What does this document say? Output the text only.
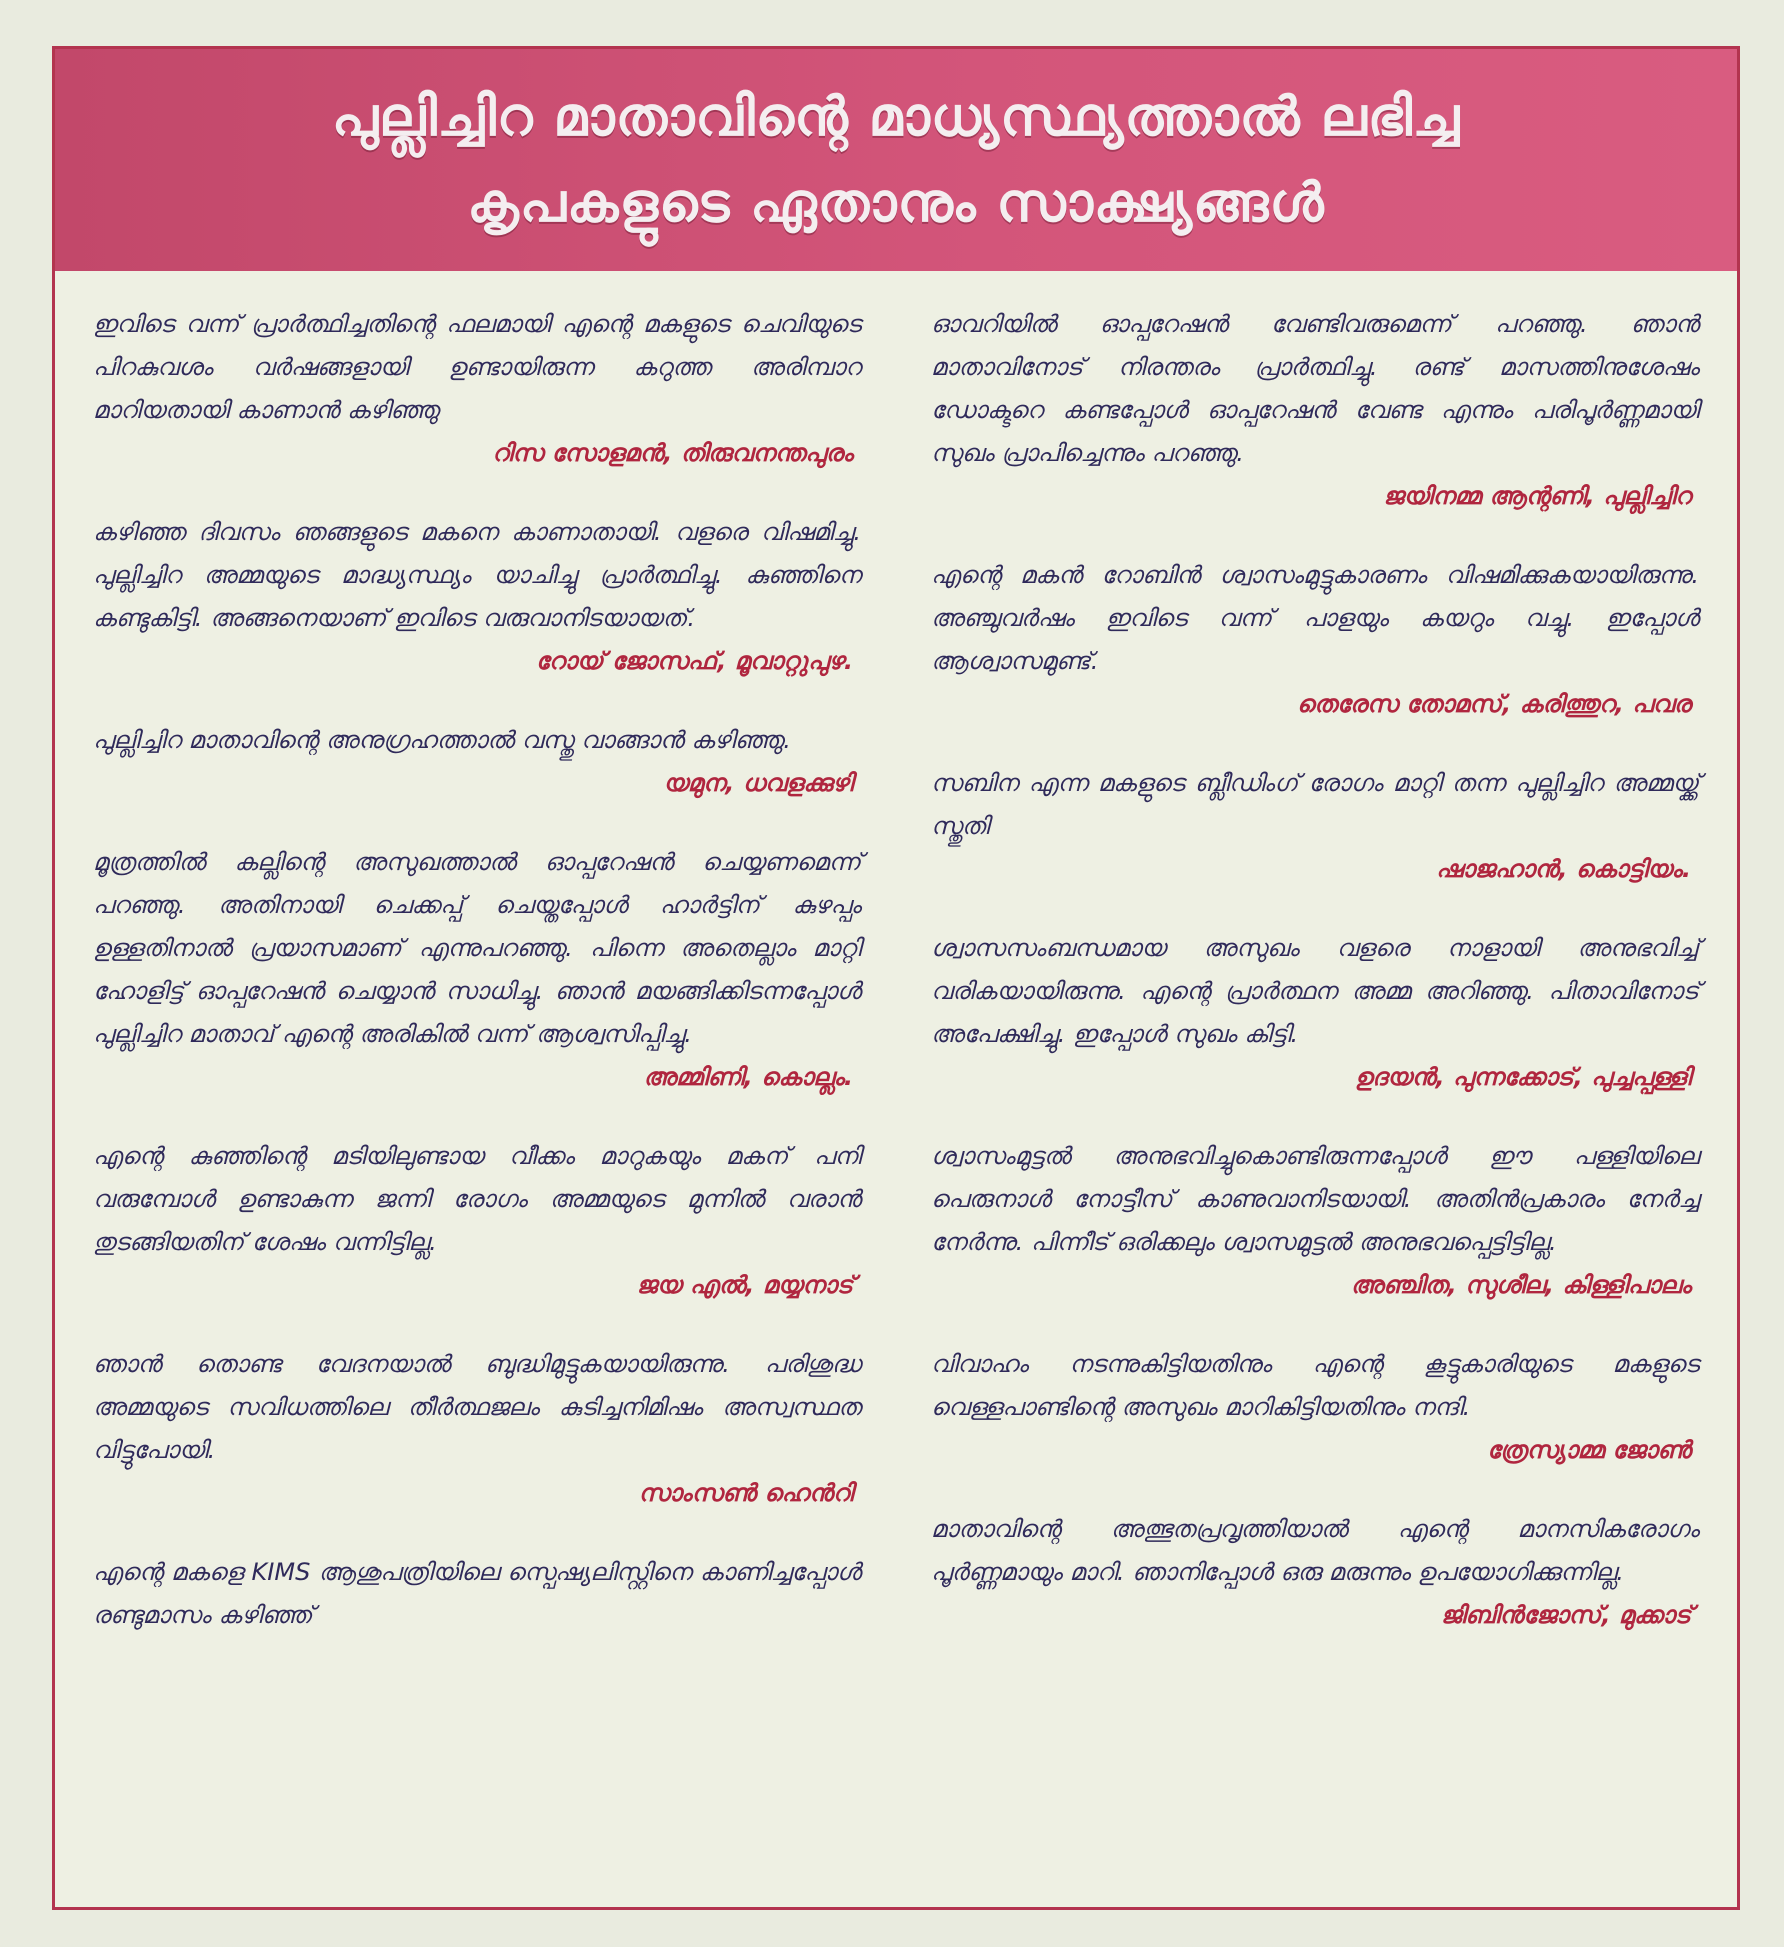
പുല്ലിച്ചിറ മാതാവിന്റെ മാധ്യസ്ഥ്യത്താൽ ലഭിച്ച
കൃപകളുടെ ഏതാനും സാക്ഷ്യങ്ങൾ
ഇവിടെ വന്ന് പ്രാർത്ഥിച്ചതിന്റെ ഫലമായി എന്റെ മകളുടെ ചെവിയുടെ പിറകുവശം വർഷങ്ങളായി ഉണ്ടായിരുന്ന കറുത്ത അരിമ്പാറ മാറിയതായി കാണാൻ കഴിഞ്ഞു
റിസ സോളമൻ, തിരുവനന്തപുരം
കഴിഞ്ഞ ദിവസം ഞങ്ങളുടെ മകനെ കാണാതായി. വളരെ വിഷമിച്ചു. പുല്ലിച്ചിറ അമ്മയുടെ മാദ്ധ്യസ്ഥ്യം യാചിച്ചു പ്രാർത്ഥിച്ചു. കുഞ്ഞിനെ കണ്ടുകിട്ടി. അങ്ങനെയാണ് ഇവിടെ വരുവാനിടയായത്.
റോയ് ജോസഫ്, മൂവാറ്റുപുഴ.
പുല്ലിച്ചിറ മാതാവിന്റെ അനുഗ്രഹത്താൽ വസ്തു വാങ്ങാൻ കഴിഞ്ഞു.
യമുന, ധവളക്കുഴി
മൂത്രത്തിൽ കല്ലിന്റെ അസുഖത്താൽ ഓപ്പറേഷൻ ചെയ്യണമെന്ന് പറഞ്ഞു. അതിനായി ചെക്കപ്പ് ചെയ്തപ്പോൾ ഹാർട്ടിന് കുഴപ്പം ഉള്ളതിനാൽ പ്രയാസമാണ് എന്നുപറഞ്ഞു. പിന്നെ അതെല്ലാം മാറ്റി ഹോളിട്ട് ഓപ്പറേഷൻ ചെയ്യാൻ സാധിച്ചു. ഞാൻ മയങ്ങിക്കിടന്നപ്പോൾ പുല്ലിച്ചിറ മാതാവ് എന്റെ അരികിൽ വന്ന് ആശ്വസിപ്പിച്ചു.
അമ്മിണി, കൊല്ലം.
എന്റെ കുഞ്ഞിന്റെ മടിയിലുണ്ടായ വീക്കം മാറുകയും മകന് പനി വരുമ്പോൾ ഉണ്ടാകുന്ന ജന്നി രോഗം അമ്മയുടെ മുന്നിൽ വരാൻ തുടങ്ങിയതിന് ശേഷം വന്നിട്ടില്ല.
ജയ എൽ, മയ്യനാട്
ഞാൻ തൊണ്ട വേദനയാൽ ബുദ്ധിമുട്ടുകയായിരുന്നു. പരിശുദ്ധ അമ്മയുടെ സവിധത്തിലെ തീർത്ഥജലം കുടിച്ചനിമിഷം അസ്വസ്ഥത വിട്ടുപോയി.
സാംസൺ ഹെൻറി
എന്റെ മകളെ KIMS ആശുപത്രിയിലെ സ്പെഷ്യലിസ്റ്റിനെ കാണിച്ചപ്പോൾ രണ്ടുമാസം കഴിഞ്ഞ്
ഓവറിയിൽ ഓപ്പറേഷൻ വേണ്ടിവരുമെന്ന് പറഞ്ഞു. ഞാൻ മാതാവിനോട് നിരന്തരം പ്രാർത്ഥിച്ചു. രണ്ട് മാസത്തിനുശേഷം ഡോക്ടറെ കണ്ടപ്പോൾ ഓപ്പറേഷൻ വേണ്ട എന്നും പരിപൂർണ്ണമായി സുഖം പ്രാപിച്ചെന്നും പറഞ്ഞു.
ജയിനമ്മ ആന്റണി, പുല്ലിച്ചിറ
എന്റെ മകൻ റോബിൻ ശ്വാസംമുട്ടുകാരണം വിഷമിക്കുകയായിരുന്നു. അഞ്ചുവർഷം ഇവിടെ വന്ന് പാളയും കയറും വച്ചു. ഇപ്പോൾ ആശ്വാസമുണ്ട്.
തെരേസ തോമസ്, കരിത്തുറ, പവര
സബിന എന്ന മകളുടെ ബ്ലീഡിംഗ് രോഗം മാറ്റി തന്ന പുല്ലിച്ചിറ അമ്മയ്ക്ക് സ്തുതി
ഷാജഹാൻ, കൊട്ടിയം.
ശ്വാസസംബന്ധമായ അസുഖം വളരെ നാളായി അനുഭവിച്ച് വരികയായിരുന്നു. എന്റെ പ്രാർത്ഥന അമ്മ അറിഞ്ഞു. പിതാവിനോട് അപേക്ഷിച്ചു. ഇപ്പോൾ സുഖം കിട്ടി.
ഉദയൻ, പുന്നക്കോട്, പുച്ചപ്പള്ളി
ശ്വാസംമുട്ടൽ അനുഭവിച്ചുകൊണ്ടിരുന്നപ്പോൾ ഈ പള്ളിയിലെ പെരുനാൾ നോട്ടീസ് കാണുവാനിടയായി. അതിൻപ്രകാരം നേർച്ച നേർന്നു. പിന്നീട് ഒരിക്കലും ശ്വാസമുട്ടൽ അനുഭവപ്പെട്ടിട്ടില്ല.
അഞ്ചിത, സുശീല, കിള്ളിപാലം
വിവാഹം നടന്നുകിട്ടിയതിനും എന്റെ കൂട്ടുകാരിയുടെ മകളുടെ വെള്ളപാണ്ടിന്റെ അസുഖം മാറികിട്ടിയതിനും നന്ദി.
ത്രേസ്യാമ്മ ജോൺ
മാതാവിന്റെ അത്ഭുതപ്രവൃത്തിയാൽ എന്റെ മാനസികരോഗം പൂർണ്ണമായും മാറി. ഞാനിപ്പോൾ ഒരു മരുന്നും ഉപയോഗിക്കുന്നില്ല.
ജിബിൻജോസ്, മുക്കാട്
